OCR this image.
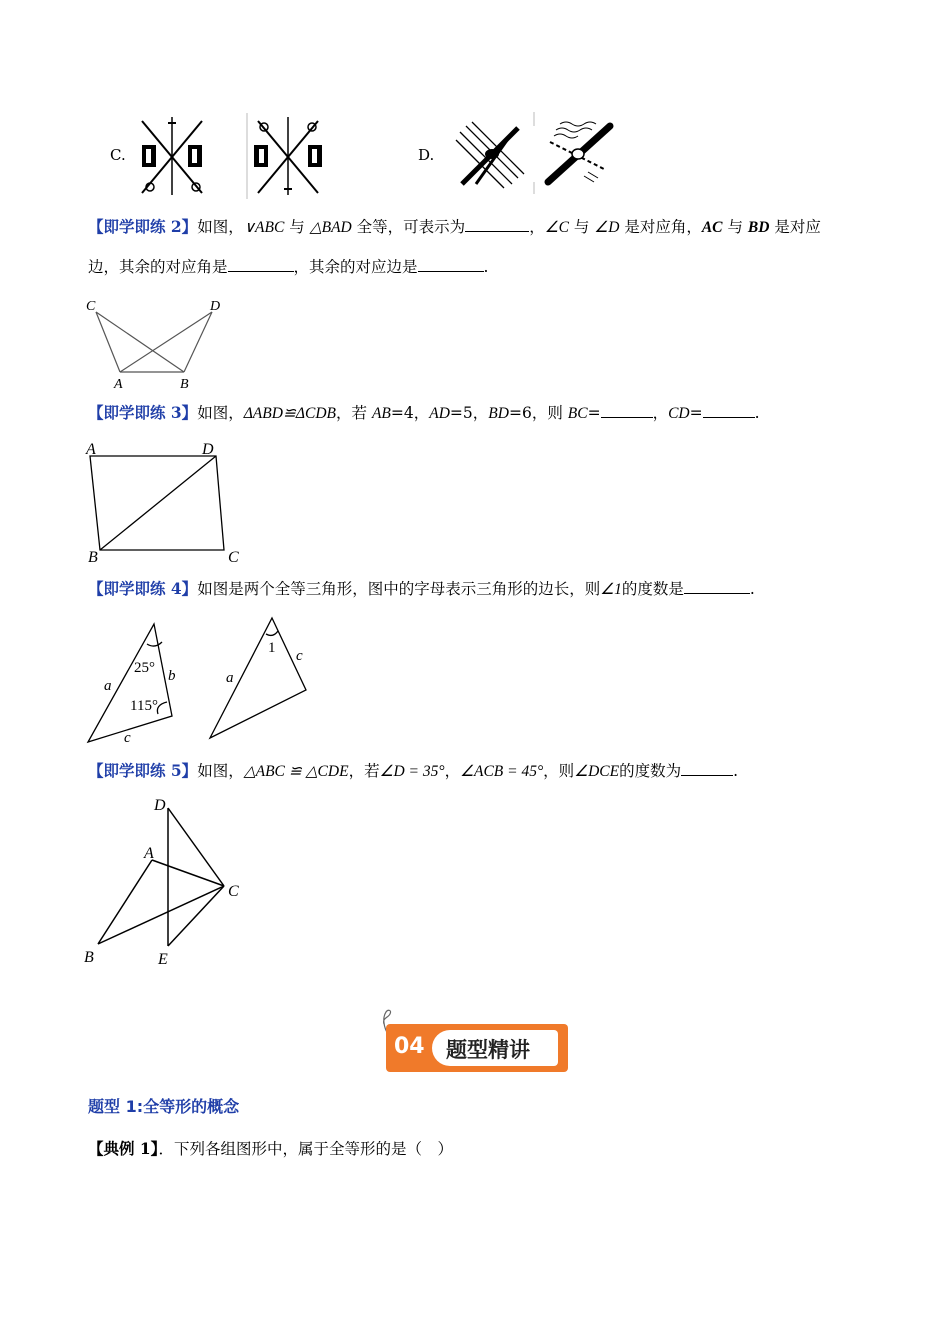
C.	D.
【即学即练 2】如图，∨ABC 与 △BAD 全等，可表示为	，∠C 与 ∠D 是对应角，AC 与 BD 是对应
边，其余的对应角是	，其余的对应边是	.
C	D
A	B
【即学即练 3】如图，ΔABD≌ΔCDB，若 AB=4，AD=5，BD=6，则 BC=	，CD=	.
A	D
B	C
【即学即练 4】如图是两个全等三角形，图中的字母表示三角形的边长，则∠1的度数是	.
25°
115°
a
b
c
1
a
c
【即学即练 5】如图，△ABC ≌ △CDE，若∠D = 35°，∠ACB = 45°，则∠DCE的度数为	.
D
A
C
B	E
04 题型精讲
题型 1:全等形的概念
【典例 1】．下列各组图形中，属于全等形的是（　）
